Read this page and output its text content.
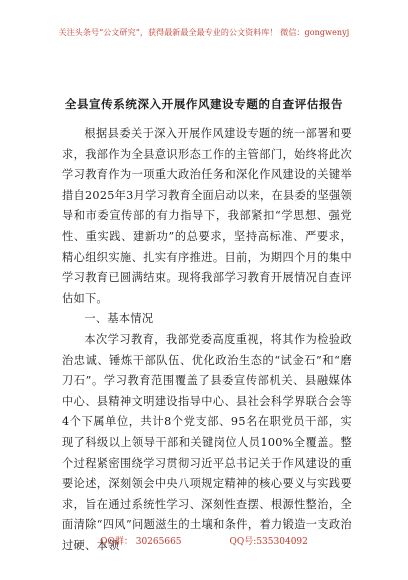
关注头条号“公文研究”，获得最新最全最专业的公文资料库！ 微信：gongwenyj
全县宣传系统深入开展作风建设专题的自查评估报告

根据县委关于深入开展作风建设专题的统一部署和要求，我部作为全县意识形态工作的主管部门，始终将此次学习教育作为一项重大政治任务和深化作风建设的关键举措自2025年3月学习教育全面启动以来，在县委的坚强领导和市委宣传部的有力指导下，我部紧扣“学思想、强党性、重实践、建新功”的总要求，坚持高标准、严要求，精心组织实施、扎实有序推进。目前，为期四个月的集中学习教育已圆满结束。现将我部学习教育开展情况自查评估如下。

一、基本情况

本次学习教育，我部党委高度重视，将其作为检验政治忠诚、锤炼干部队伍、优化政治生态的“试金石”和“磨刀石”。学习教育范围覆盖了县委宣传部机关、县融媒体中心、县精神文明建设指导中心、县社会科学界联合会等4个下属单位，共计8个党支部、95名在职党员干部，实现了科级以上领导干部和关键岗位人员100%全覆盖。整个过程紧密围绕学习贯彻习近平总书记关于作风建设的重要论述，深刻领会中央八项规定精神的核心要义与实践要求，旨在通过系统性学习、深刻性查摆、根源性整治，全面清除“四风”问题滋生的土壤和条件，着力锻造一支政治过硬、本领

QQ群： 30265665	QQ号:535304092
